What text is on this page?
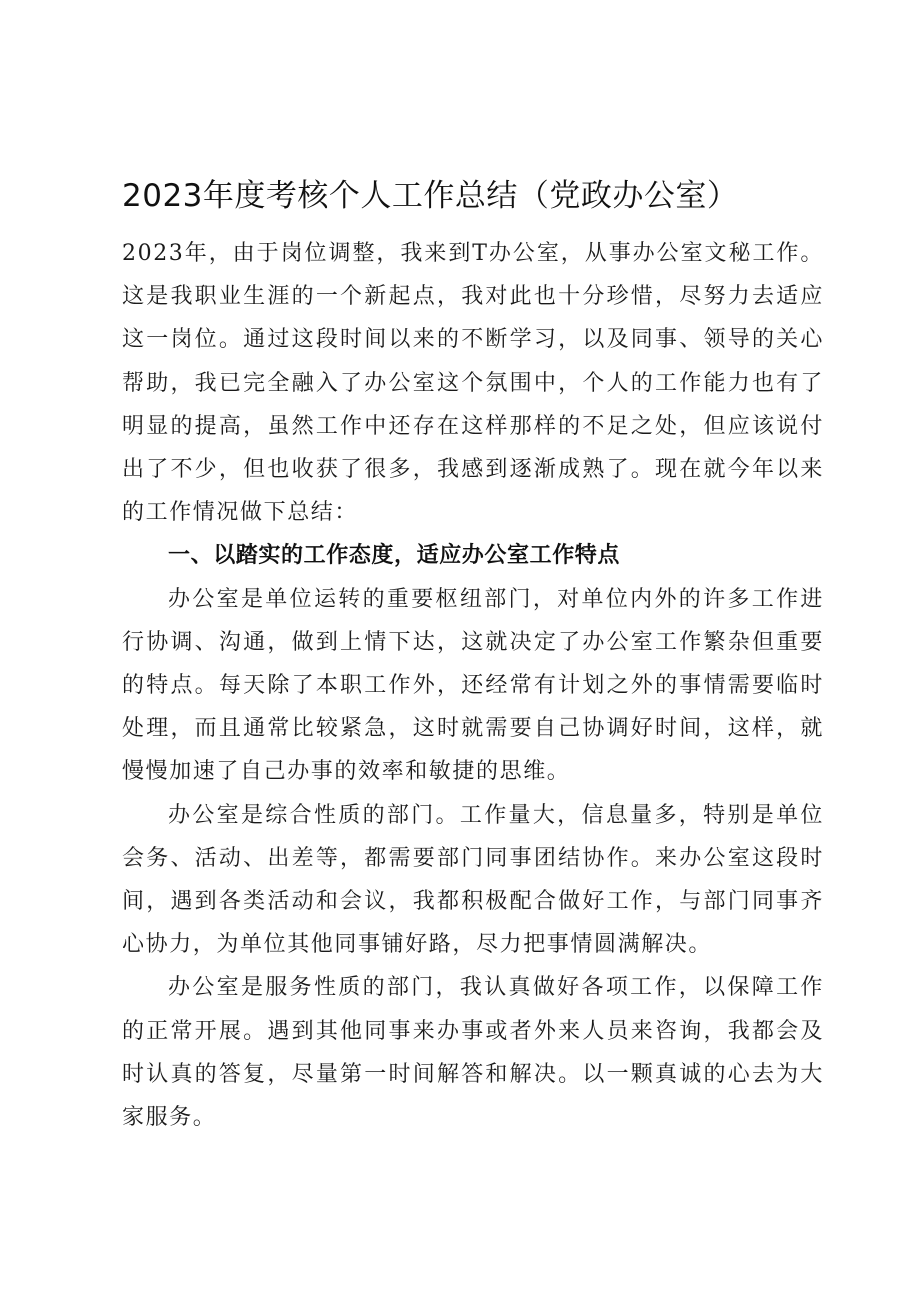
2023年度考核个人工作总结（党政办公室）

2023年，由于岗位调整，我来到T办公室，从事办公室文秘工作。这是我职业生涯的一个新起点，我对此也十分珍惜，尽努力去适应这一岗位。通过这段时间以来的不断学习，以及同事、领导的关心帮助，我已完全融入了办公室这个氛围中，个人的工作能力也有了明显的提高，虽然工作中还存在这样那样的不足之处，但应该说付出了不少，但也收获了很多，我感到逐渐成熟了。现在就今年以来的工作情况做下总结：

一、以踏实的工作态度，适应办公室工作特点

办公室是单位运转的重要枢纽部门，对单位内外的许多工作进行协调、沟通，做到上情下达，这就决定了办公室工作繁杂但重要的特点。每天除了本职工作外，还经常有计划之外的事情需要临时处理，而且通常比较紧急，这时就需要自己协调好时间，这样，就慢慢加速了自己办事的效率和敏捷的思维。

办公室是综合性质的部门。工作量大，信息量多，特别是单位会务、活动、出差等，都需要部门同事团结协作。来办公室这段时间，遇到各类活动和会议，我都积极配合做好工作，与部门同事齐心协力，为单位其他同事铺好路，尽力把事情圆满解决。

办公室是服务性质的部门，我认真做好各项工作，以保障工作的正常开展。遇到其他同事来办事或者外来人员来咨询，我都会及时认真的答复，尽量第一时间解答和解决。以一颗真诚的心去为大家服务。
